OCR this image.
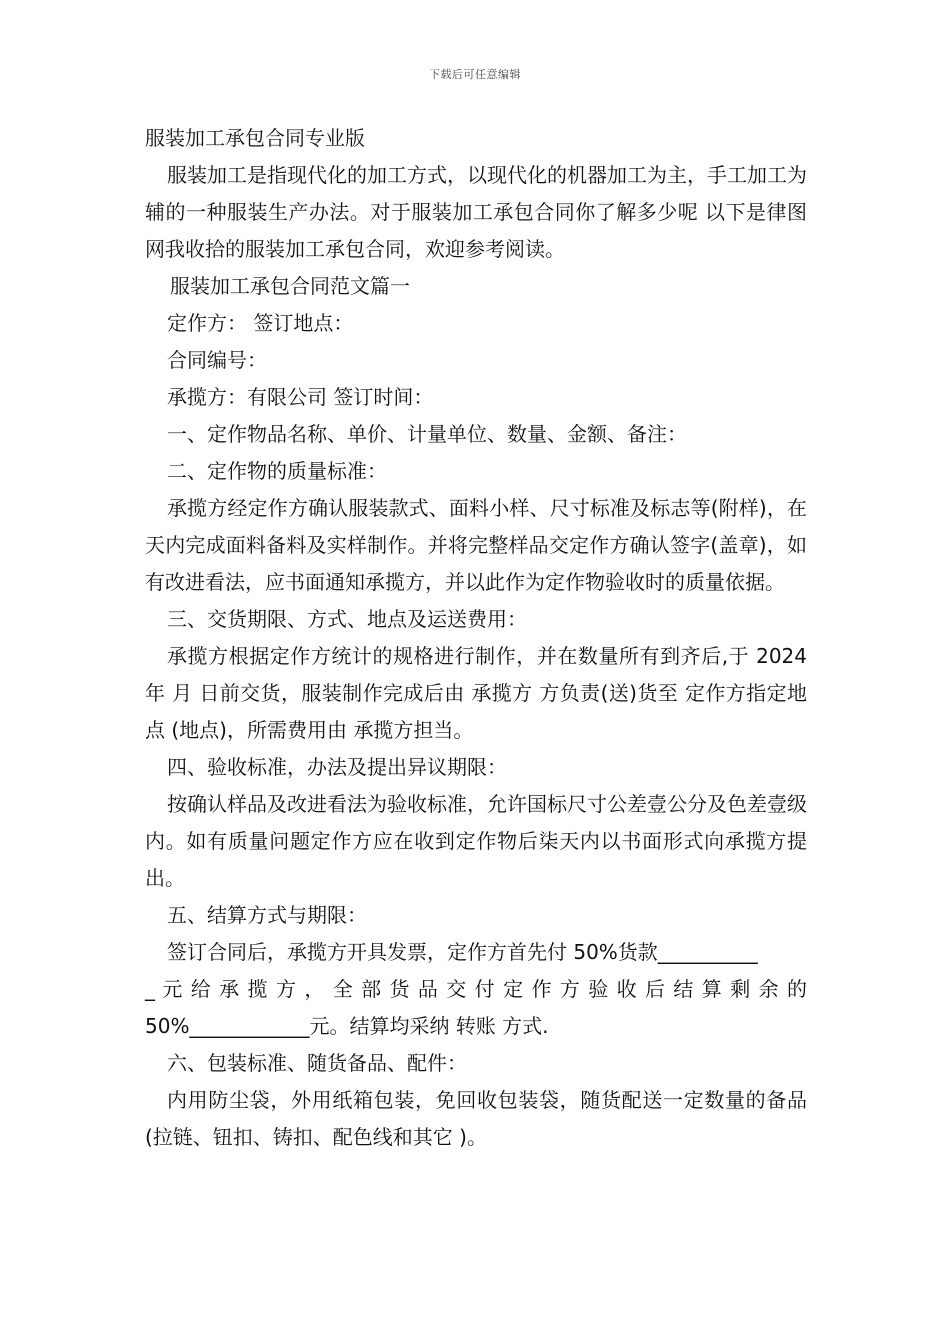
下载后可任意编辑
服装加工承包合同专业版

服装加工是指现代化的加工方式，以现代化的机器加工为主，手工加工为辅的一种服装生产办法。对于服装加工承包合同你了解多少呢 以下是律图网我收拾的服装加工承包合同，欢迎参考阅读。

服装加工承包合同范文篇一

定作方： 签订地点：

合同编号：

承揽方：有限公司 签订时间：

一、定作物品名称、单价、计量单位、数量、金额、备注：

二、定作物的质量标准：

承揽方经定作方确认服装款式、面料小样、尺寸标准及标志等(附样)，在 天内完成面料备料及实样制作。并将完整样品交定作方确认签字(盖章)，如有改进看法，应书面通知承揽方，并以此作为定作物验收时的质量依据。

三、交货期限、方式、地点及运送费用：

承揽方根据定作方统计的规格进行制作，并在数量所有到齐后,于 2024 年 月 日前交货，服装制作完成后由 承揽方 方负责(送)货至 定作方指定地点 (地点)，所需费用由 承揽方担当。

四、验收标准，办法及提出异议期限：

按确认样品及改进看法为验收标准，允许国标尺寸公差壹公分及色差壹级内。如有质量问题定作方应在收到定作物后柒天内以书面形式向承揽方提出。

五、结算方式与期限：

签订合同后，承揽方开具发票，定作方首先付 50%货款__________

_ 元 给 承 揽 方 ， 全 部 货 品 交 付 定 作 方 验 收 后 结 算 剩 余 的

50%____________元。结算均采纳 转账 方式.

六、包装标准、随货备品、配件：

内用防尘袋，外用纸箱包装，免回收包装袋，随货配送一定数量的备品(拉链、钮扣、铸扣、配色线和其它 )。
